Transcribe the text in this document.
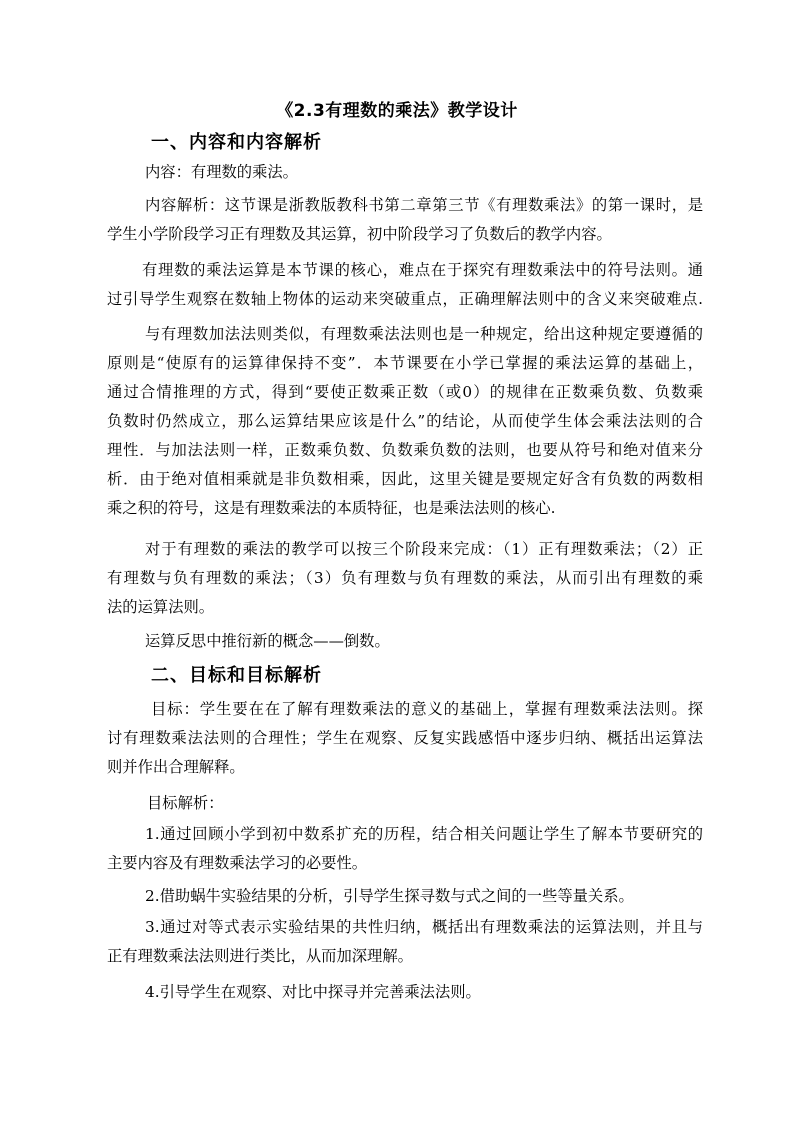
《2.3有理数的乘法》教学设计
一、内容和内容解析
内容：有理数的乘法。
内容解析：这节课是浙教版教科书第二章第三节《有理数乘法》的第一课时，是
学生小学阶段学习正有理数及其运算，初中阶段学习了负数后的教学内容。
有理数的乘法运算是本节课的核心，难点在于探究有理数乘法中的符号法则。通
过引导学生观察在数轴上物体的运动来突破重点，正确理解法则中的含义来突破难点.
与有理数加法法则类似，有理数乘法法则也是一种规定，给出这种规定要遵循的
原则是“使原有的运算律保持不变”．本节课要在小学已掌握的乘法运算的基础上，
通过合情推理的方式，得到“要使正数乘正数（或0）的规律在正数乘负数、负数乘
负数时仍然成立，那么运算结果应该是什么”的结论，从而使学生体会乘法法则的合
理性．与加法法则一样，正数乘负数、负数乘负数的法则，也要从符号和绝对值来分
析．由于绝对值相乘就是非负数相乘，因此，这里关键是要规定好含有负数的两数相
乘之积的符号，这是有理数乘法的本质特征，也是乘法法则的核心.
对于有理数的乘法的教学可以按三个阶段来完成：（1）正有理数乘法；（2）正
有理数与负有理数的乘法；（3）负有理数与负有理数的乘法，从而引出有理数的乘
法的运算法则。
运算反思中推衍新的概念——倒数。
二、目标和目标解析
目标：学生要在在了解有理数乘法的意义的基础上，掌握有理数乘法法则。探
讨有理数乘法法则的合理性；学生在观察、反复实践感悟中逐步归纳、概括出运算法
则并作出合理解释。
目标解析：
1.通过回顾小学到初中数系扩充的历程，结合相关问题让学生了解本节要研究的
主要内容及有理数乘法学习的必要性。
2.借助蜗牛实验结果的分析，引导学生探寻数与式之间的一些等量关系。
3.通过对等式表示实验结果的共性归纳，概括出有理数乘法的运算法则，并且与
正有理数乘法法则进行类比，从而加深理解。
4.引导学生在观察、对比中探寻并完善乘法法则。
